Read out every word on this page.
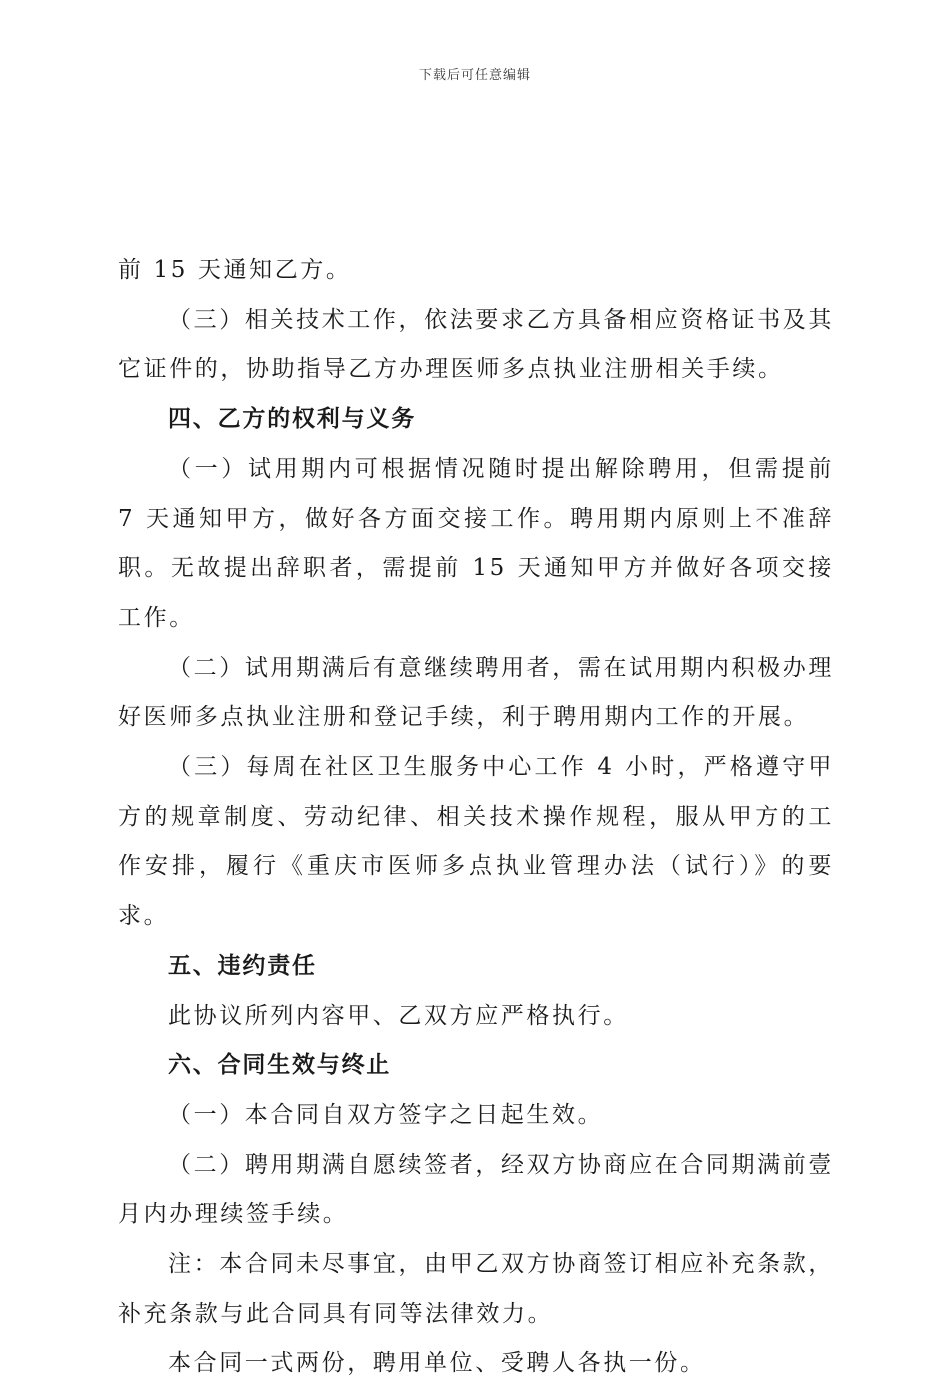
下载后可任意编辑

前 15 天通知乙方。

（三）相关技术工作，依法要求乙方具备相应资格证书及其它证件的，协助指导乙方办理医师多点执业注册相关手续。

四、乙方的权利与义务

（一）试用期内可根据情况随时提出解除聘用，但需提前 7 天通知甲方，做好各方面交接工作。聘用期内原则上不准辞职。无故提出辞职者，需提前 15 天通知甲方并做好各项交接工作。

（二）试用期满后有意继续聘用者，需在试用期内积极办理好医师多点执业注册和登记手续，利于聘用期内工作的开展。

（三）每周在社区卫生服务中心工作 4 小时，严格遵守甲方的规章制度、劳动纪律、相关技术操作规程，服从甲方的工作安排，履行《重庆市医师多点执业管理办法（试行）》的要求。

五、违约责任

此协议所列内容甲、乙双方应严格执行。

六、合同生效与终止

（一）本合同自双方签字之日起生效。

（二）聘用期满自愿续签者，经双方协商应在合同期满前壹月内办理续签手续。

注：本合同未尽事宜，由甲乙双方协商签订相应补充条款，补充条款与此合同具有同等法律效力。

本合同一式两份，聘用单位、受聘人各执一份。
